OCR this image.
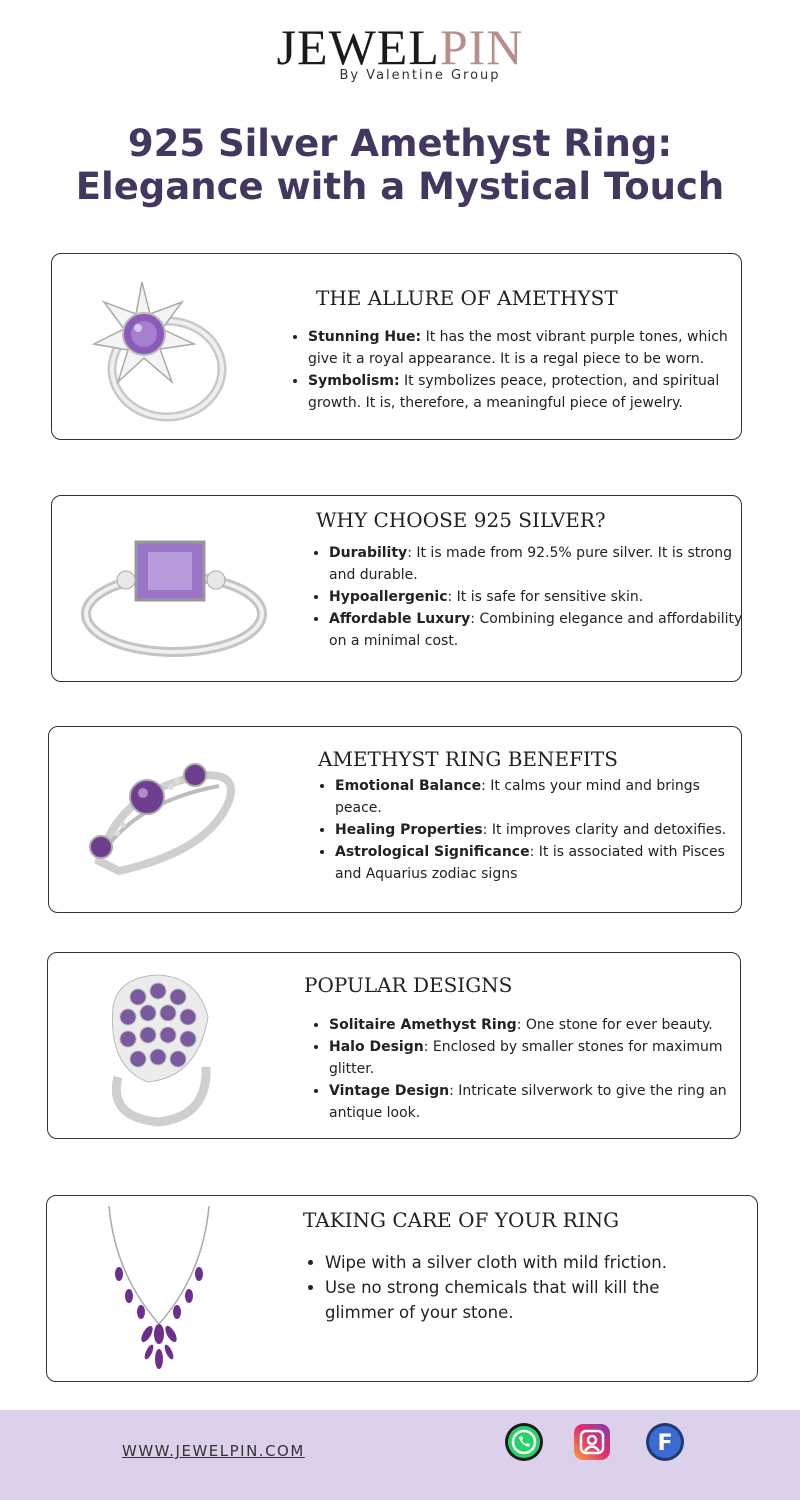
JEWELPIN
By Valentine Group
925 Silver Amethyst Ring:
Elegance with a Mystical Touch
THE ALLURE OF AMETHYST
• Stunning Hue: It has the most vibrant purple tones, which give it a royal appearance. It is a regal piece to be worn.
• Symbolism: It symbolizes peace, protection, and spiritual growth. It is, therefore, a meaningful piece of jewelry.
WHY CHOOSE 925 SILVER?
• Durability: It is made from 92.5% pure silver. It is strong and durable.
• Hypoallergenic: It is safe for sensitive skin.
• Affordable Luxury: Combining elegance and affordability on a minimal cost.
AMETHYST RING BENEFITS
• Emotional Balance: It calms your mind and brings peace.
• Healing Properties: It improves clarity and detoxifies.
• Astrological Significance: It is associated with Pisces and Aquarius zodiac signs
POPULAR DESIGNS
• Solitaire Amethyst Ring: One stone for ever beauty.
• Halo Design: Enclosed by smaller stones for maximum glitter.
• Vintage Design: Intricate silverwork to give the ring an antique look.
TAKING CARE OF YOUR RING
• Wipe with a silver cloth with mild friction.
• Use no strong chemicals that will kill the glimmer of your stone.
WWW.JEWELPIN.COM	F
